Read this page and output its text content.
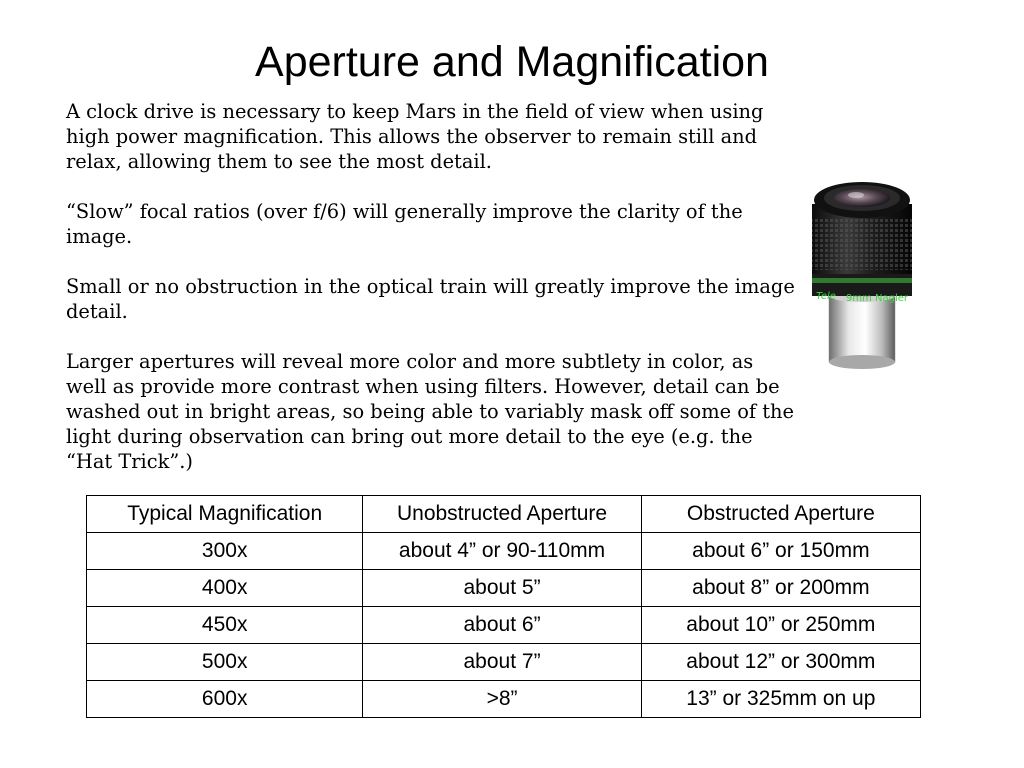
Aperture and Magnification

A clock drive is necessary to keep Mars in the field of view when using high power magnification. This allows the observer to remain still and relax, allowing them to see the most detail.

“Slow” focal ratios (over f/6) will generally improve the clarity of the image.

Small or no obstruction in the optical train will greatly improve the image detail.

Larger apertures will reveal more color and more subtlety in color, as well as provide more contrast when using filters. However, detail can be washed out in bright areas, so being able to variably mask off some of the light during observation can bring out more detail to the eye (e.g. the “Hat Trick”.)

Tele 9mm Nagler
Typical Magnification	Unobstructed Aperture	Obstructed Aperture
300x	about 4” or 90-110mm	about 6” or 150mm
400x	about 5”	about 8” or 200mm
450x	about 6”	about 10” or 250mm
500x	about 7”	about 12” or 300mm
600x	>8”	13” or 325mm on up
